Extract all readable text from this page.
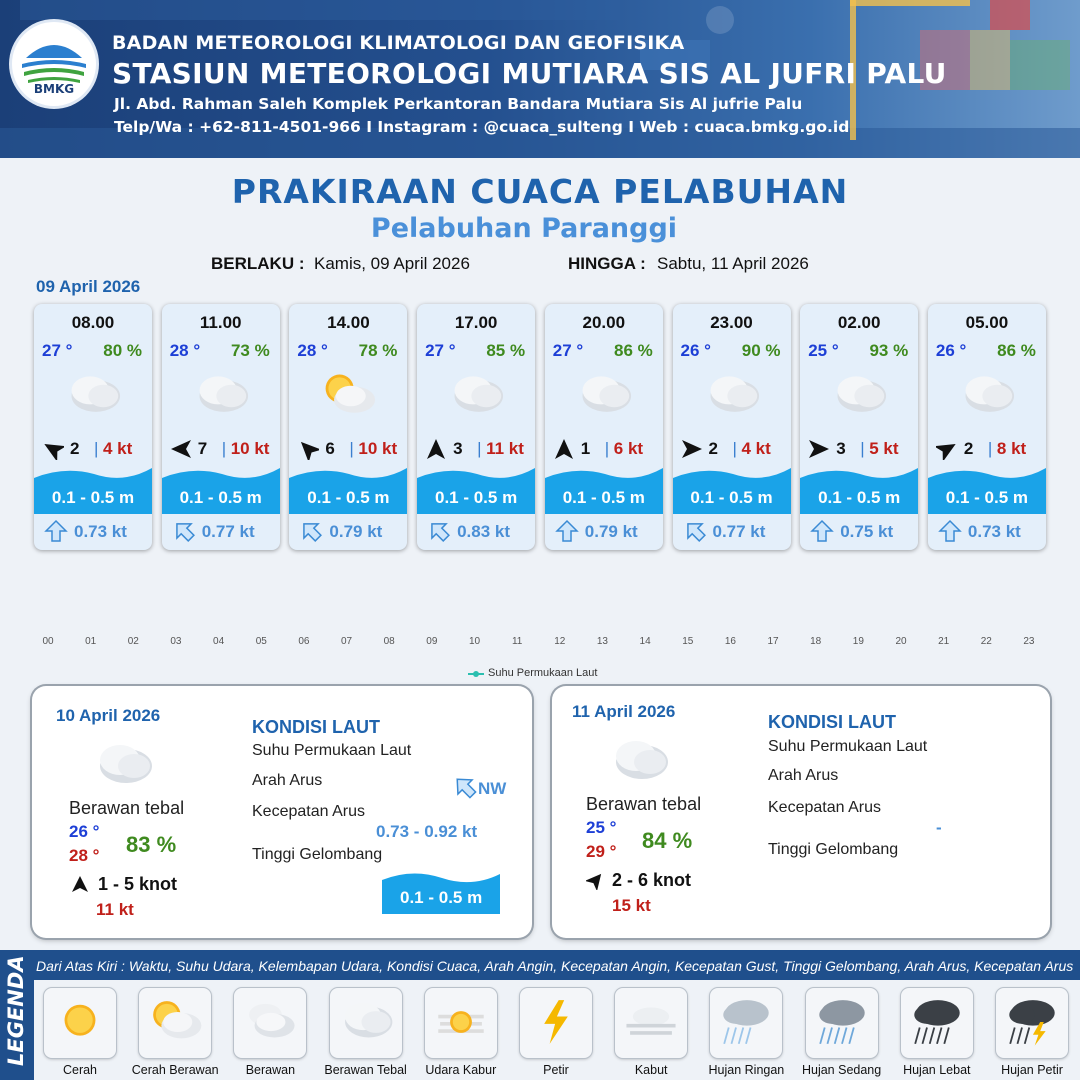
BMKG
BADAN METEOROLOGI KLIMATOLOGI DAN GEOFISIKA
STASIUN METEOROLOGI MUTIARA SIS AL JUFRI PALU
Jl. Abd. Rahman Saleh Komplek Perkantoran Bandara Mutiara Sis Al jufrie Palu
Telp/Wa : +62-811-4501-966 I Instagram : @cuaca_sulteng I Web : cuaca.bmkg.go.id
PRAKIRAAN CUACA PELABUHAN
Pelabuhan Paranggi
BERLAKU : Kamis, 09 April 2026	HINGGA : Sabtu, 11 April 2026
09 April 2026
08.00
27 ° 80 %
2 | 4 kt
0.1 - 0.5 m
0.73 kt
11.00
28 ° 73 %
7 | 10 kt
0.1 - 0.5 m
0.77 kt
14.00
28 ° 78 %
6 | 10 kt
0.1 - 0.5 m
0.79 kt
17.00
27 ° 85 %
3 | 11 kt
0.1 - 0.5 m
0.83 kt
20.00
27 ° 86 %
1 | 6 kt
0.1 - 0.5 m
0.79 kt
23.00
26 ° 90 %
2 | 4 kt
0.1 - 0.5 m
0.77 kt
02.00
25 ° 93 %
3 | 5 kt
0.1 - 0.5 m
0.75 kt
05.00
26 ° 86 %
2 | 8 kt
0.1 - 0.5 m
0.73 kt
00	01	02	03	04	05	06	07	08	09	10	11	12	13	14	15	16	17	18	19	20	21	22	23
Suhu Permukaan Laut
10 April 2026
Berawan tebal
26 °
28 ° 83 %
1 - 5 knot
11 kt
KONDISI LAUT
Suhu Permukaan Laut
Arah Arus	NW
Kecepatan Arus
0.73 - 0.92 kt
Tinggi Gelombang
0.1 - 0.5 m
11 April 2026
Berawan tebal
25 °
29 ° 84 %
2 - 6 knot
15 kt
KONDISI LAUT
Suhu Permukaan Laut
Arah Arus
Kecepatan Arus
-
Tinggi Gelombang
LEGENDA Dari Atas Kiri : Waktu, Suhu Udara, Kelembapan Udara, Kondisi Cuaca, Arah Angin, Kecepatan Angin, Kecepatan Gust, Tinggi Gelombang, Arah Arus, Kecepatan Arus
Cerah	Cerah Berawan	Berawan	Berawan Tebal	Udara Kabur	Petir	Kabut	Hujan Ringan	Hujan Sedang	Hujan Lebat	Hujan Petir
